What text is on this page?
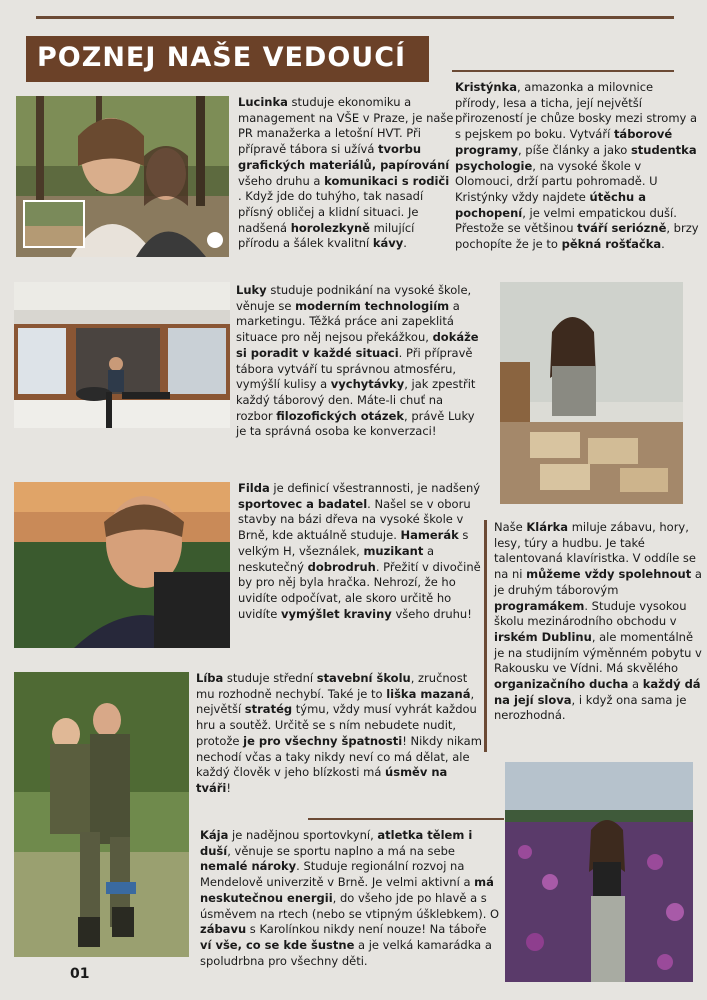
POZNEJ NAŠE VEDOUCÍ

Lucinka studuje ekonomiku a management na VŠE v Praze, je naše PR manažerka a letošní HVT. Při přípravě tábora si užívá tvorbu grafických materiálů, papírování všeho druhu a komunikaci s rodiči . Když jde do tuhýho, tak nasadí přísný obličej a klidní situaci. Je nadšená horolezkyně milující přírodu a šálek kvalitní kávy.

Kristýnka, amazonka a milovnice přírody, lesa a ticha, její největší přirozeností je chůze bosky mezi stromy a s pejskem po boku. Vytváří táborové programy, píše články a jako studentka psychologie, na vysoké škole v Olomouci, drží partu pohromadě. U Kristýnky vždy najdete útěchu a pochopení, je velmi empatickou duší. Přestože se většinou tváří seriózně, brzy pochopíte že je to pěkná rošťačka.

Luky studuje podnikání na vysoké škole, věnuje se moderním technologiím a marketingu. Těžká práce ani zapeklitá situace pro něj nejsou překážkou, dokáže si poradit v každé situaci. Při přípravě tábora vytváří tu správnou atmosféru, vymýšlí kulisy a vychytávky, jak zpestřit každý táborový den. Máte-li chuť na rozbor filozofických otázek, právě Luky je ta správná osoba ke konverzaci!

Filda je definicí všestrannosti, je nadšený sportovec a badatel. Našel se v oboru stavby na bázi dřeva na vysoké škole v Brně, kde aktuálně studuje. Hamerák s velkým H, všeználek, muzikant a neskutečný dobrodruh. Přežití v divočině by pro něj byla hračka. Nehrozí, že ho uvidíte odpočívat, ale skoro určitě ho uvidíte vymýšlet kraviny všeho druhu!

Naše Klárka miluje zábavu, hory, lesy, túry a hudbu. Je také talentovaná klavíristka. V oddíle se na ni můžeme vždy spolehnout a je druhým táborovým programákem. Studuje vysokou školu mezinárodního obchodu v irském Dublinu, ale momentálně je na studijním výměnném pobytu v Rakousku ve Vídni. Má skvělého organizačního ducha a každý dá na její slova, i když ona sama je nerozhodná.

Líba studuje střední stavební školu, zručnost mu rozhodně nechybí. Také je to liška mazaná, největší stratég týmu, vždy musí vyhrát každou hru a soutěž. Určitě se s ním nebudete nudit, protože je pro všechny špatnosti! Nikdy nikam nechodí včas a taky nikdy neví co má dělat, ale každý člověk v jeho blízkosti má úsměv na tváři!

Kája je nadějnou sportovkyní, atletka tělem i duší, věnuje se sportu naplno a má na sebe nemalé nároky. Studuje regionální rozvoj na Mendelově univerzitě v Brně. Je velmi aktivní a má neskutečnou energii, do všeho jde po hlavě a s úsměvem na rtech (nebo se vtipným úšklebkem). O zábavu s Karolínkou nikdy není nouze! Na táboře ví vše, co se kde šustne a je velká kamarádka a spoludrbna pro všechny děti.

01
